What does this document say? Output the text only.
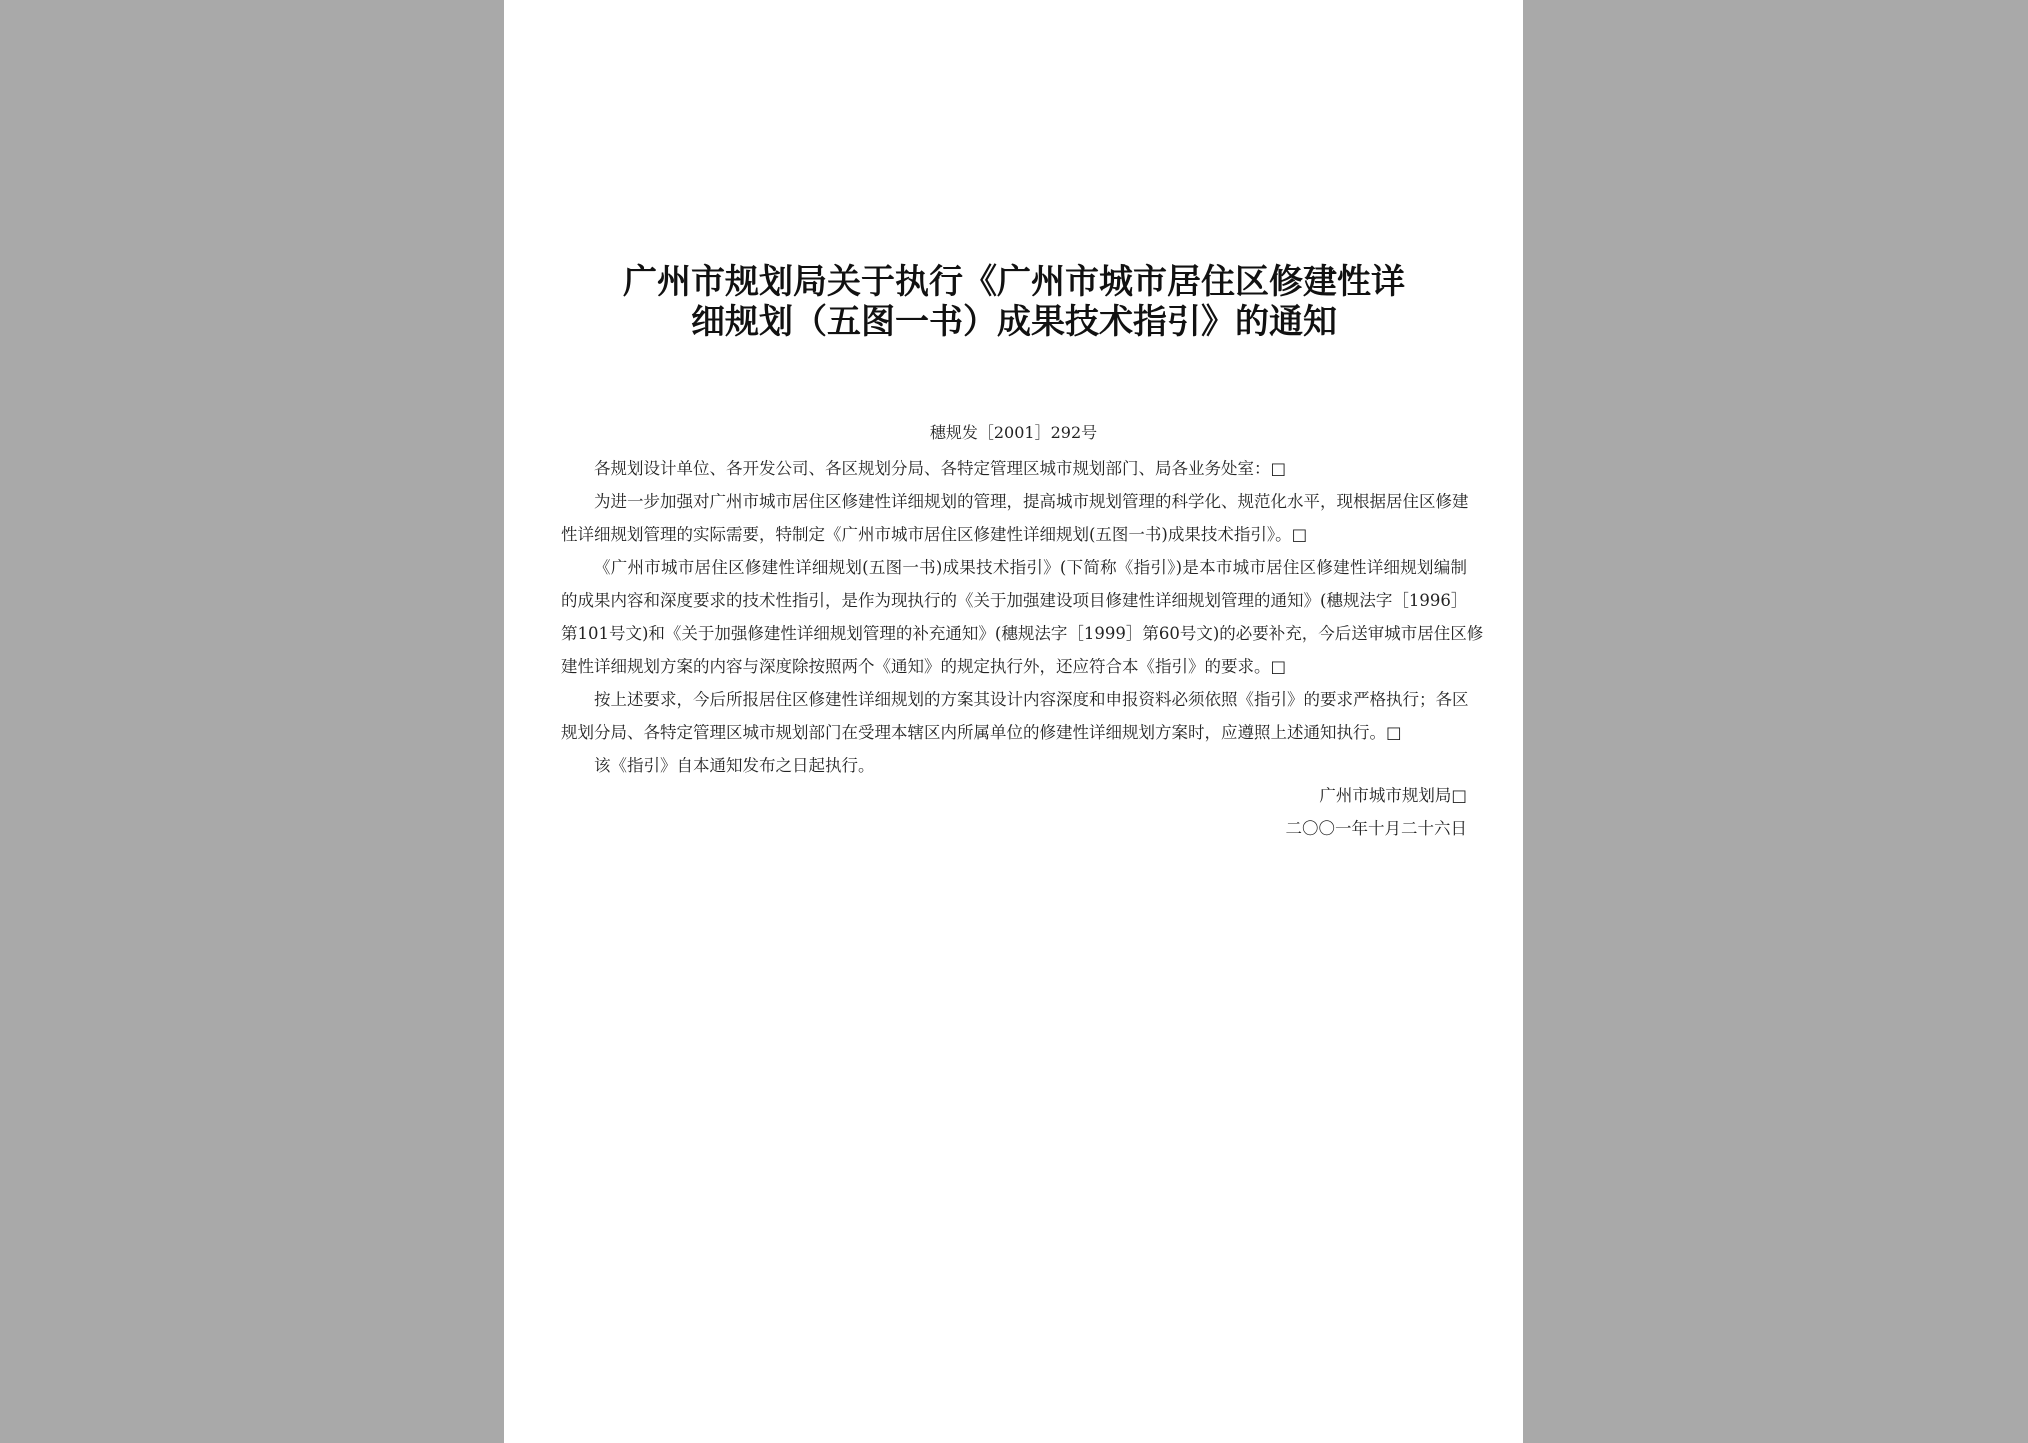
广州市规划局关于执行《广州市城市居住区修建性详
细规划（五图一书）成果技术指引》的通知
穗规发［2001］292号
各规划设计单位、各开发公司、各区规划分局、各特定管理区城市规划部门、局各业务处室：□
为进一步加强对广州市城市居住区修建性详细规划的管理，提高城市规划管理的科学化、规范化水平，现根据居住区修建
性详细规划管理的实际需要，特制定《广州市城市居住区修建性详细规划(五图一书)成果技术指引》。□
《广州市城市居住区修建性详细规划(五图一书)成果技术指引》(下简称《指引》)是本市城市居住区修建性详细规划编制
的成果内容和深度要求的技术性指引，是作为现执行的《关于加强建设项目修建性详细规划管理的通知》(穗规法字［1996］
第101号文)和《关于加强修建性详细规划管理的补充通知》(穗规法字［1999］第60号文)的必要补充，今后送审城市居住区修
建性详细规划方案的内容与深度除按照两个《通知》的规定执行外，还应符合本《指引》的要求。□
按上述要求，今后所报居住区修建性详细规划的方案其设计内容深度和申报资料必须依照《指引》的要求严格执行；各区
规划分局、各特定管理区城市规划部门在受理本辖区内所属单位的修建性详细规划方案时，应遵照上述通知执行。□
该《指引》自本通知发布之日起执行。
广州市城市规划局□
二〇〇一年十月二十六日
